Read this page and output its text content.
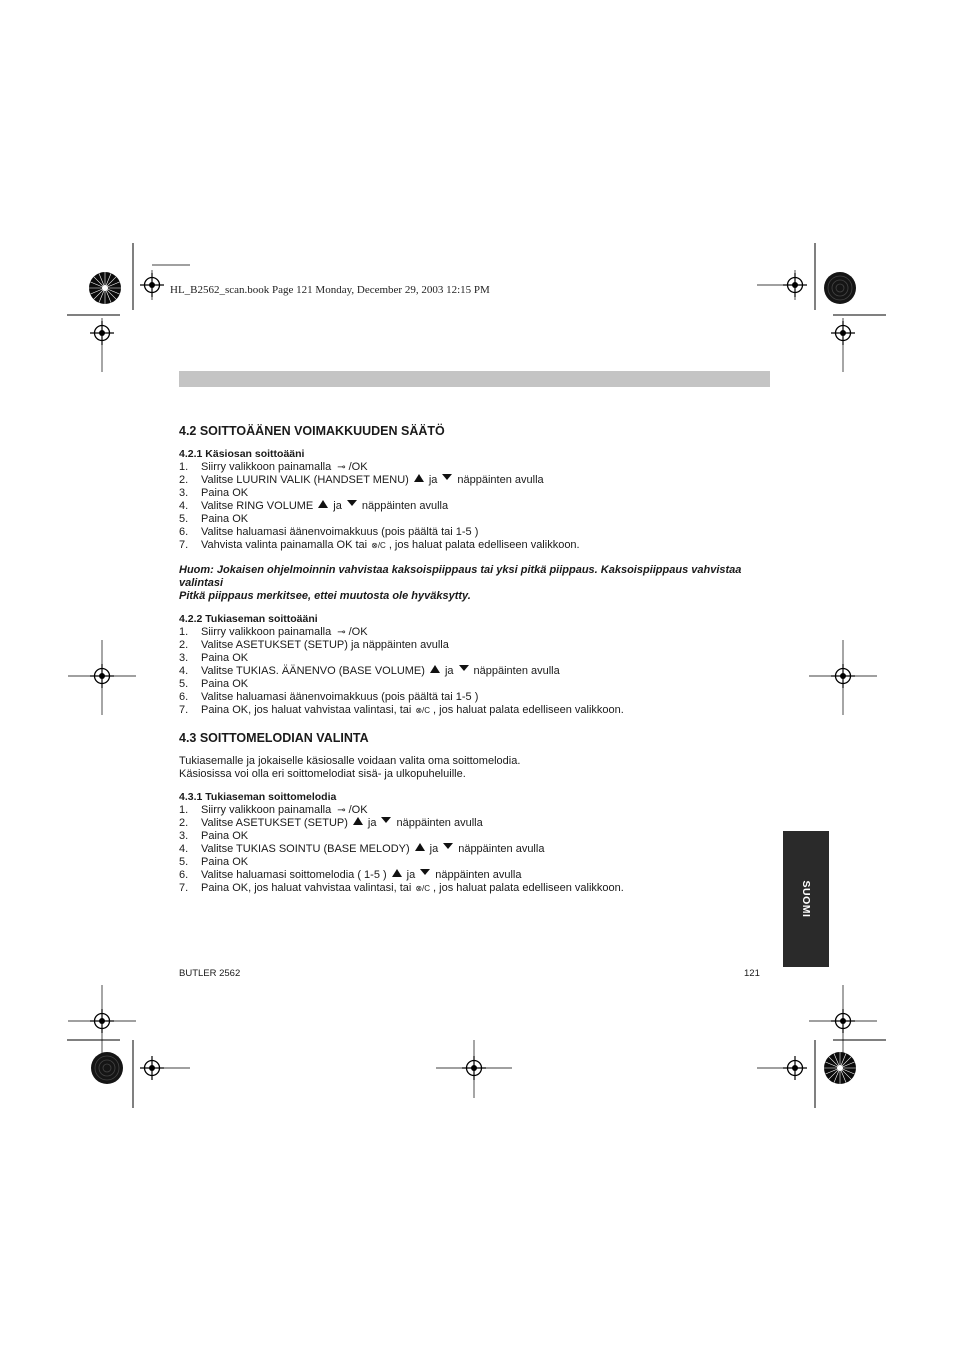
HL_B2562_scan.book Page 121 Monday, December 29, 2003 12:15 PM
4.2 SOITTOÄÄNEN VOIMAKKUUDEN SÄÄTÖ
4.2.1 Käsiosan soittoääni
1.	Siirry valikkoon painamalla ⊸ /OK
2.	Valitse LUURIN VALIK (HANDSET MENU) ja näppäinten avulla
3.	Paina OK
4.	Valitse RING VOLUME ja näppäinten avulla
5.	Paina OK
6.	Valitse haluamasi äänenvoimakkuus (pois päältä tai 1-5 )
7.	Vahvista valinta painamalla OK tai ⊗/C , jos haluat palata edelliseen valikkoon.
Huom: Jokaisen ohjelmoinnin vahvistaa kaksoispiippaus tai yksi pitkä piippaus. Kaksoispiippaus vahvistaa
valintasi
Pitkä piippaus merkitsee, ettei muutosta ole hyväksytty.
4.2.2 Tukiaseman soittoääni
1.	Siirry valikkoon painamalla ⊸ /OK
2.	Valitse ASETUKSET (SETUP) ja näppäinten avulla
3.	Paina OK
4.	Valitse TUKIAS. ÄÄNENVO (BASE VOLUME) ja näppäinten avulla
5.	Paina OK
6.	Valitse haluamasi äänenvoimakkuus (pois päältä tai 1-5 )
7.	Paina OK, jos haluat vahvistaa valintasi, tai ⊗/C , jos haluat palata edelliseen valikkoon.
4.3 SOITTOMELODIAN VALINTA
Tukiasemalle ja jokaiselle käsiosalle voidaan valita oma soittomelodia.
Käsiosissa voi olla eri soittomelodiat sisä- ja ulkopuheluille.
4.3.1 Tukiaseman soittomelodia
1.	Siirry valikkoon painamalla ⊸ /OK
2.	Valitse ASETUKSET (SETUP) ja näppäinten avulla
3.	Paina OK
4.	Valitse TUKIAS SOINTU (BASE MELODY) ja näppäinten avulla
5.	Paina OK
6.	Valitse haluamasi soittomelodia ( 1-5 ) ja näppäinten avulla
7.	Paina OK, jos haluat vahvistaa valintasi, tai ⊗/C , jos haluat palata edelliseen valikkoon.	SUOMI
BUTLER 2562	121
